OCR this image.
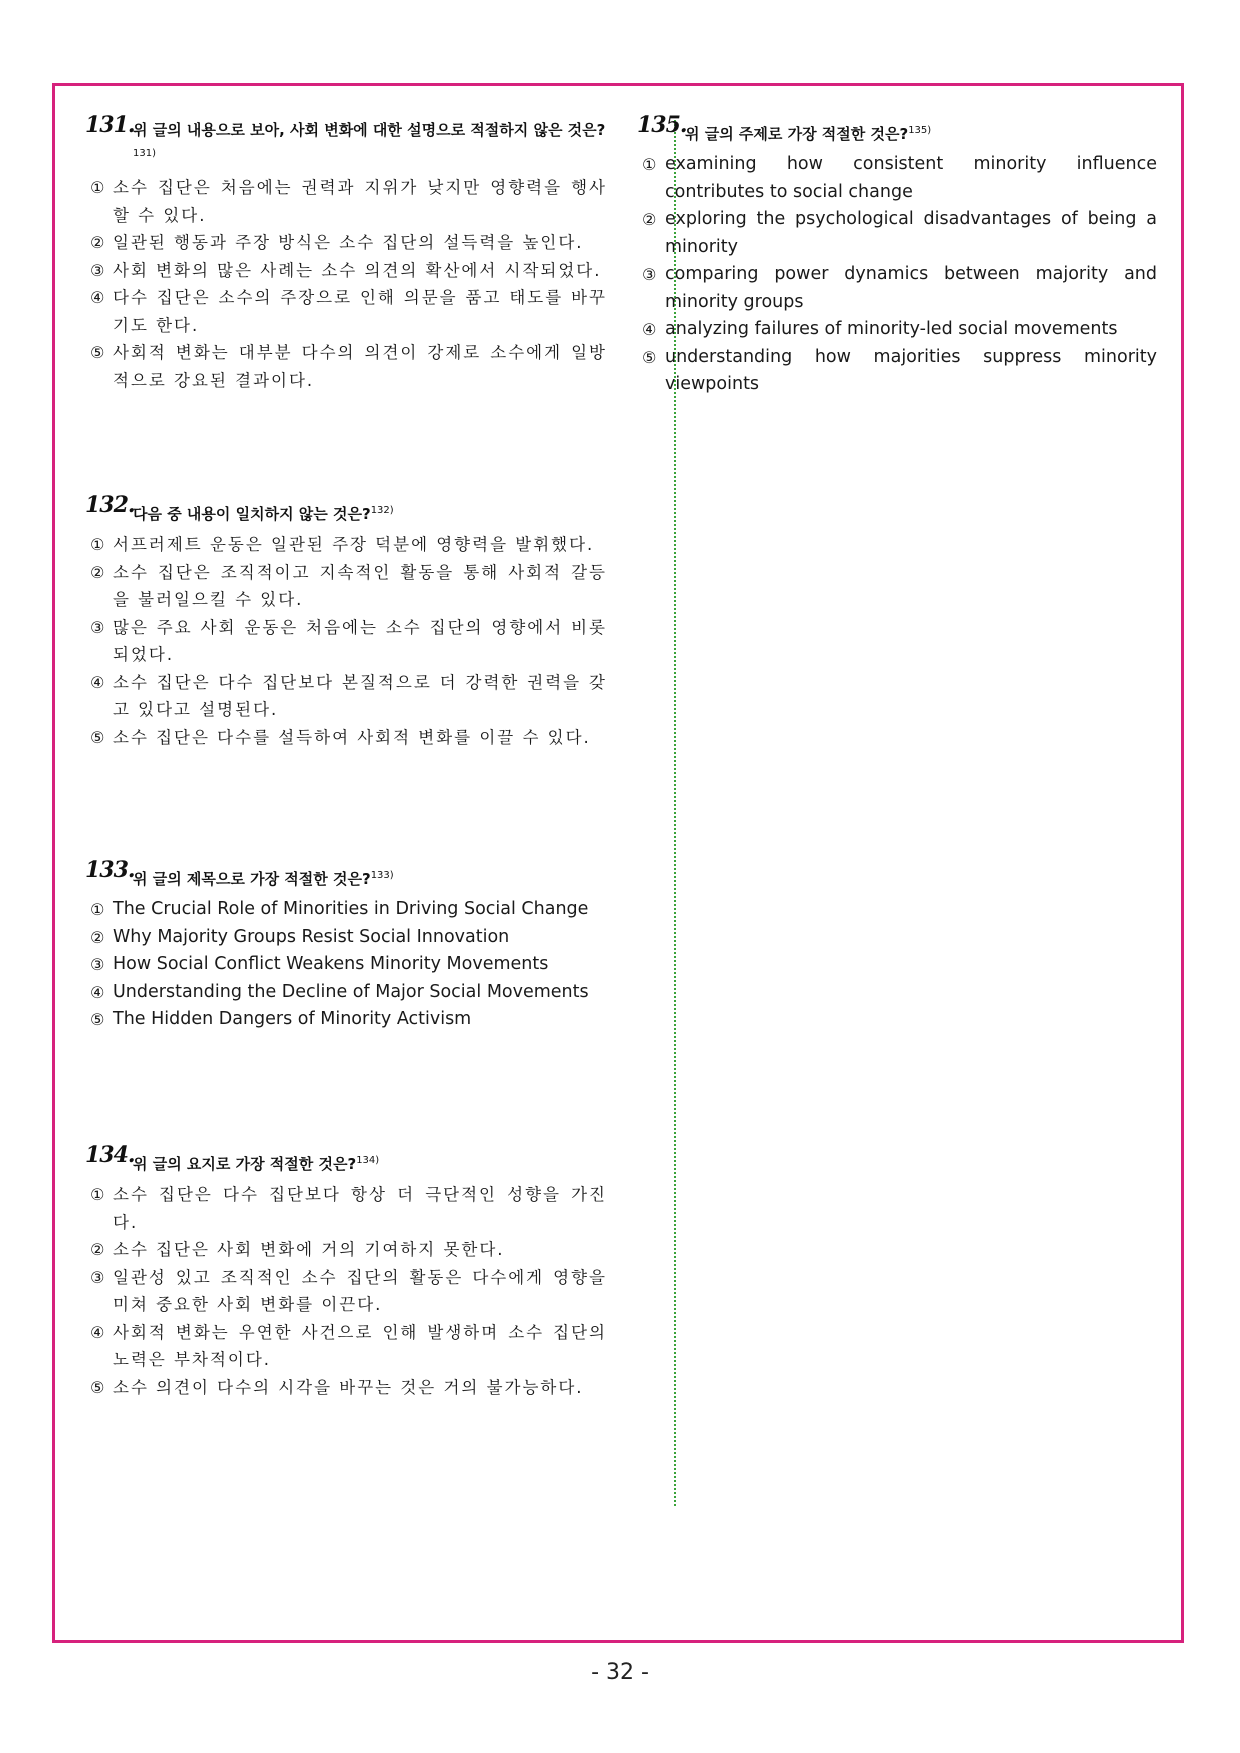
131.
위 글의 내용으로 보아, 사회 변화에 대한 설명으로 적절하지 않은 것은?$^{131)}$
① 소수 집단은 처음에는 권력과 지위가 낮지만 영향력을 행사할 수 있다.
② 일관된 행동과 주장 방식은 소수 집단의 설득력을 높인다.
③ 사회 변화의 많은 사례는 소수 의견의 확산에서 시작되었다.
④ 다수 집단은 소수의 주장으로 인해 의문을 품고 태도를 바꾸기도 한다.
⑤ 사회적 변화는 대부분 다수의 의견이 강제로 소수에게 일방적으로 강요된 결과이다.
132.
다음 중 내용이 일치하지 않는 것은?$^{132)}$
① 서프러제트 운동은 일관된 주장 덕분에 영향력을 발휘했다.
② 소수 집단은 조직적이고 지속적인 활동을 통해 사회적 갈등을 불러일으킬 수 있다.
③ 많은 주요 사회 운동은 처음에는 소수 집단의 영향에서 비롯되었다.
④ 소수 집단은 다수 집단보다 본질적으로 더 강력한 권력을 갖고 있다고 설명된다.
⑤ 소수 집단은 다수를 설득하여 사회적 변화를 이끌 수 있다.
133.
위 글의 제목으로 가장 적절한 것은?$^{133)}$
① The Crucial Role of Minorities in Driving Social Change
② Why Majority Groups Resist Social Innovation
③ How Social Conflict Weakens Minority Movements
④ Understanding the Decline of Major Social Movements
⑤ The Hidden Dangers of Minority Activism
134.
위 글의 요지로 가장 적절한 것은?$^{134)}$
① 소수 집단은 다수 집단보다 항상 더 극단적인 성향을 가진다.
② 소수 집단은 사회 변화에 거의 기여하지 못한다.
③ 일관성 있고 조직적인 소수 집단의 활동은 다수에게 영향을 미쳐 중요한 사회 변화를 이끈다.
④ 사회적 변화는 우연한 사건으로 인해 발생하며 소수 집단의 노력은 부차적이다.
⑤ 소수 의견이 다수의 시각을 바꾸는 것은 거의 불가능하다.
135.
위 글의 주제로 가장 적절한 것은?$^{135)}$
① examining how consistent minority influence contributes to social change
② exploring the psychological disadvantages of being a minority
③ comparing power dynamics between majority and minority groups
④ analyzing failures of minority-led social movements
⑤ understanding how majorities suppress minority viewpoints
- 32 -
